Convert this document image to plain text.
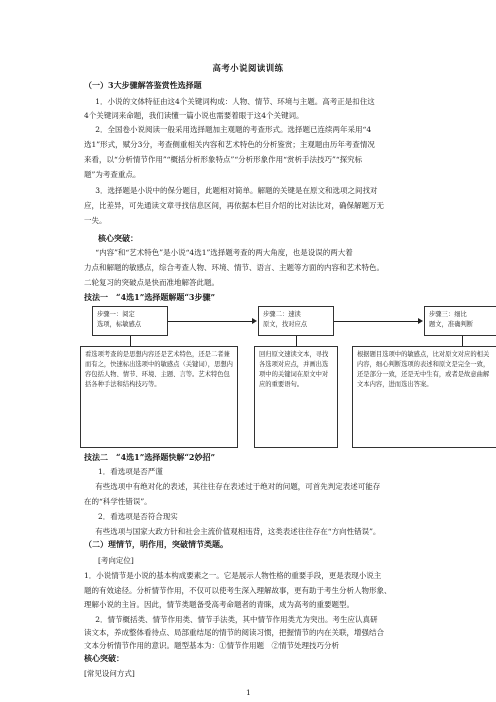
高考小说阅读训练
（一）3大步骤解答鉴赏性选择题
1．小说的文体特征由这4个关键词构成：人物、情节、环境与主题。高考正是扣住这
4个关键词来命题，我们读懂一篇小说也需要着眼于这4个关键词。
2．全国卷小说阅读一般采用选择题加主观题的考查形式。选择题已连续两年采用“4
选1”形式，赋分3分，考查侧重相关内容和艺术特色的分析鉴赏；主观题由历年考查情况
来看，以“分析情节作用”“概括分析形象特点”“分析形象作用“赏析手法技巧”“探究标
题”为考查重点。
3．选择题是小说中的保分题目，此题相对简单。解题的关键是在原文和选项之间找对
应，比差异，可先通读文章寻找信息区间，再依据本栏目介绍的比对法比对，确保解题万无
一失。
核心突破：
“内容”和“艺术特色”是小说“4选1”选择题考查的两大角度，也是设误的两大着
力点和解题的敏感点，综合考查人物、环境、情节、语言、主题等方面的内容和艺术特色。
二轮复习的突破点是快而准地解答此题。
技法一　“4选1”选择题解题“3步骤”
步骤一：阅定
选项，标敏感点
步骤二：速读
原文，找对应点
步骤三：细比
题文，准确判断
看选项考查的是思想内容还是艺术特色，还是二者兼而有之，快速标出选项中的敏感点（关键词），思想内容包括人物、情节、环境、主题、言等。艺术特色包括各种手法和结构技巧等。
回归原文速读文本，寻找各选项对应点，并画出选项中的关键词在原文中对应的重要语句。
根据题目选项中的敏感点，比对原文对应的相关内容，细心判断选项的表述和原文是完全一致，还是部分一致，还是无中生有，或者是故意曲解文本内容，进而选出答案。
技法二　“4选1”选择题快解“2妙招”
1．看选项是否严谨
有些选项中有绝对化的表述，其往往存在表述过于绝对的问题，可首先判定表述可能存
在的“科学性错误”。
2．看选项是否符合现实
有些选项与国家大政方针和社会主流价值观相违背，这类表述往往存在“方向性错误”。
（二）理情节，明作用，突破情节类题。
[考向定位]
1．小说情节是小说的基本构成要素之一。它是展示人物性格的重要手段，更是表现小说主
题的有效途径。分析情节作用，不仅可以使考生深入理解故事，更有助于考生分析人物形象、
理解小说的主旨。因此，情节类题备受高考命题者的青睐，成为高考的重要题型。
2．情节概括类、情节作用类、情节手法类，其中情节作用类尤为突出。考生应认真研
读文本，养成整体看待点、局部重结尾的情节的阅读习惯，把握情节的内在关联，增强结合
文本分析情节作用的意识。题型基本为：①情节作用题　②情节处理技巧分析
核心突破：
[常见设问方式]
1
